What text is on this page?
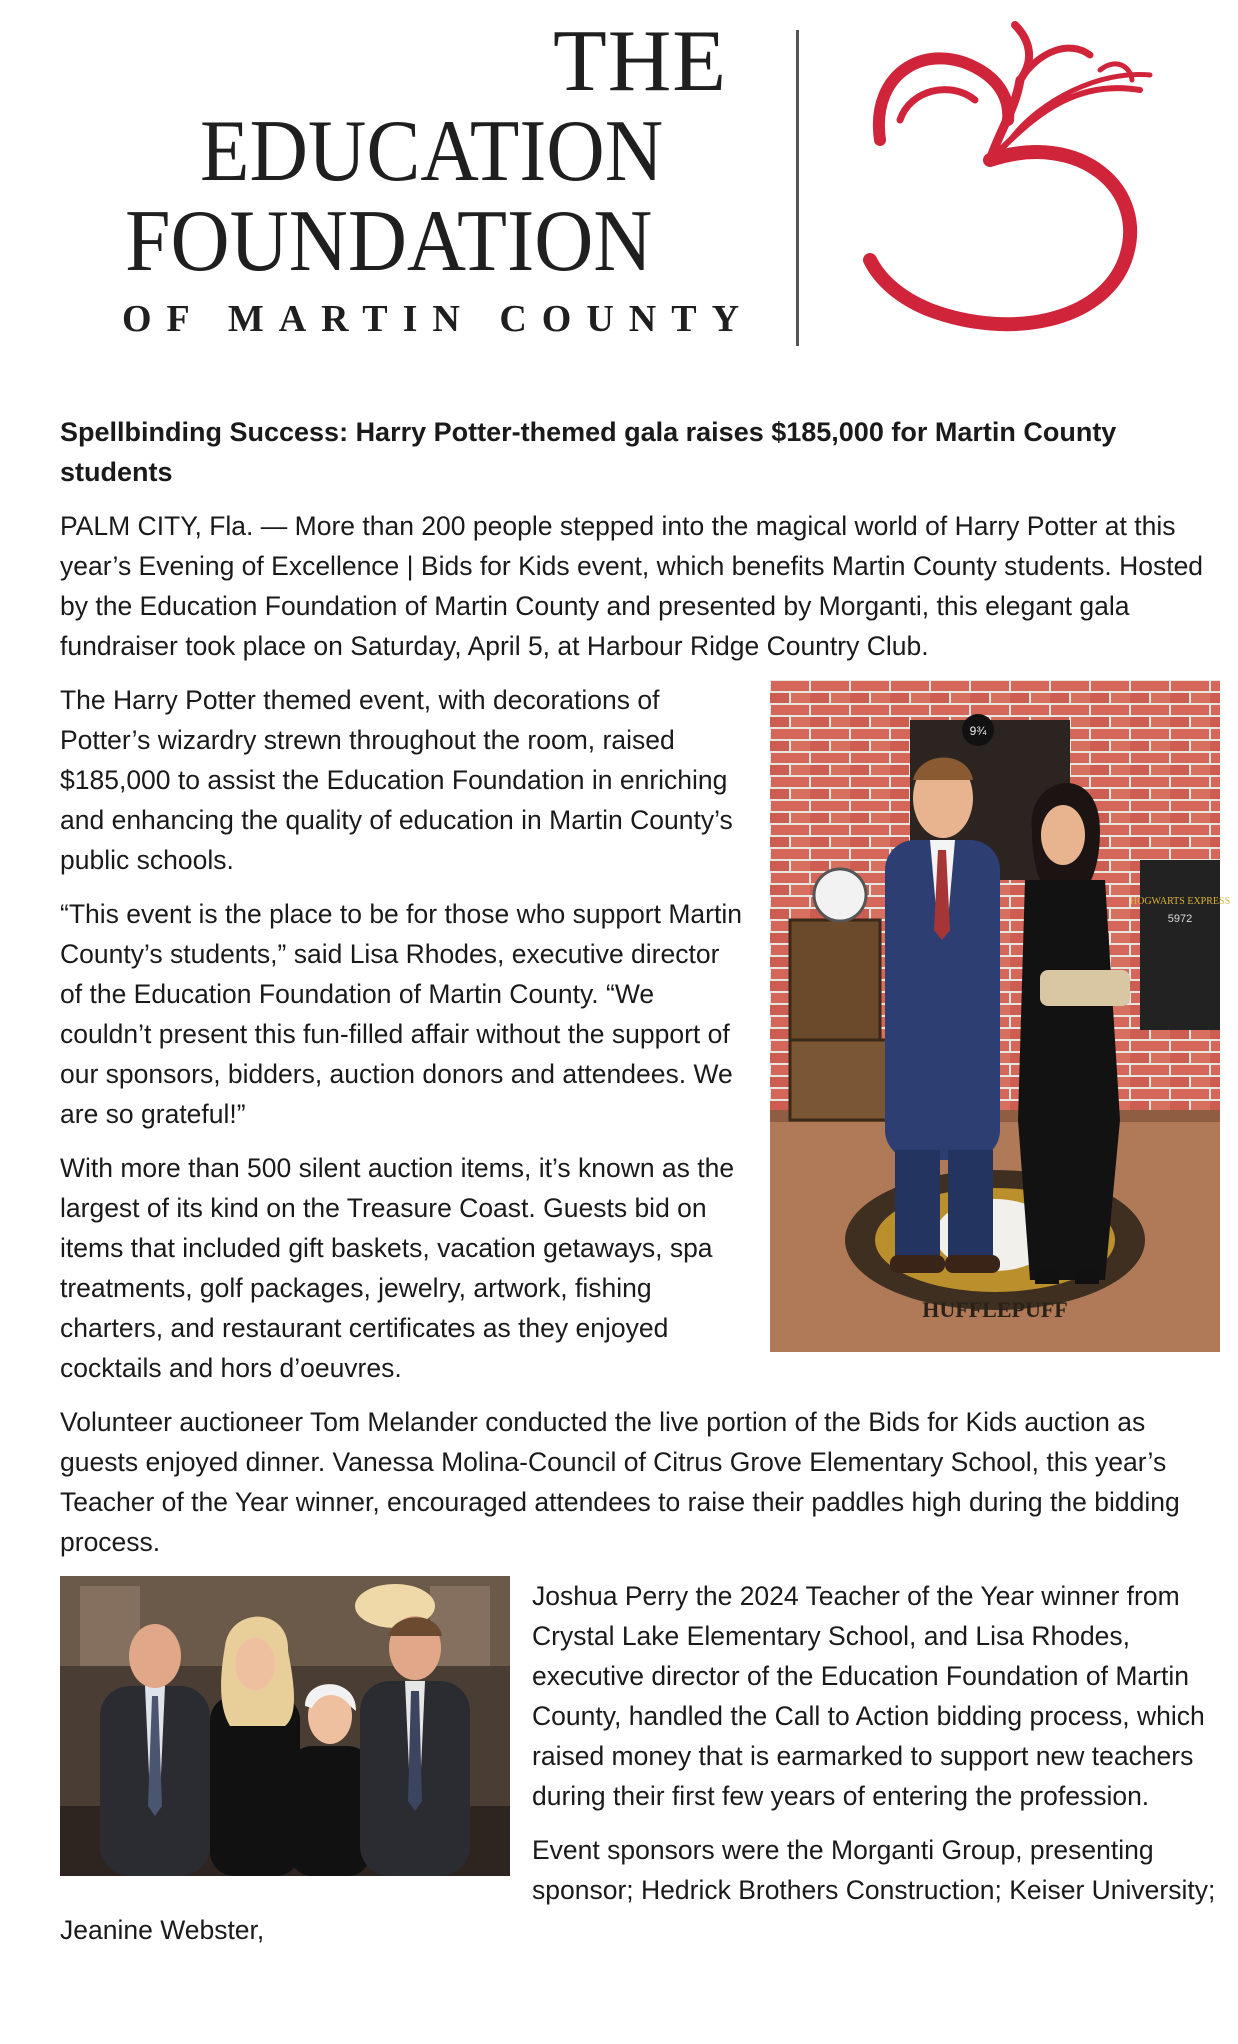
THE
EDUCATION
FOUNDATION
OF MARTIN COUNTY

Spellbinding Success: Harry Potter-themed gala raises $185,000 for Martin County students

PALM CITY, Fla. — More than 200 people stepped into the magical world of Harry Potter at this year’s Evening of Excellence | Bids for Kids event, which benefits Martin County students. Hosted by the Education Foundation of Martin County and presented by Morganti, this elegant gala fundraiser took place on Saturday, April 5, at Harbour Ridge Country Club.

HOGWARTS EXPRESS
5972
9¾
HUFFLEPUFF

The Harry Potter themed event, with decorations of Potter’s wizardry strewn throughout the room, raised $185,000 to assist the Education Foundation in enriching and enhancing the quality of education in Martin County’s public schools.

“This event is the place to be for those who support Martin County’s students,” said Lisa Rhodes, executive director of the Education Foundation of Martin County. “We couldn’t present this fun-filled affair without the support of our sponsors, bidders, auction donors and attendees. We are so grateful!”

With more than 500 silent auction items, it’s known as the largest of its kind on the Treasure Coast. Guests bid on items that included gift baskets, vacation getaways, spa treatments, golf packages, jewelry, artwork, fishing charters, and restaurant certificates as they enjoyed cocktails and hors d’oeuvres.

Volunteer auctioneer Tom Melander conducted the live portion of the Bids for Kids auction as guests enjoyed dinner. Vanessa Molina-Council of Citrus Grove Elementary School, this year’s Teacher of the Year winner, encouraged attendees to raise their paddles high during the bidding process.

Joshua Perry the 2024 Teacher of the Year winner from Crystal Lake Elementary School, and Lisa Rhodes, executive director of the Education Foundation of Martin County, handled the Call to Action bidding process, which raised money that is earmarked to support new teachers during their first few years of entering the profession.

Event sponsors were the Morganti Group, presenting sponsor; Hedrick Brothers Construction; Keiser University; Jeanine Webster,
